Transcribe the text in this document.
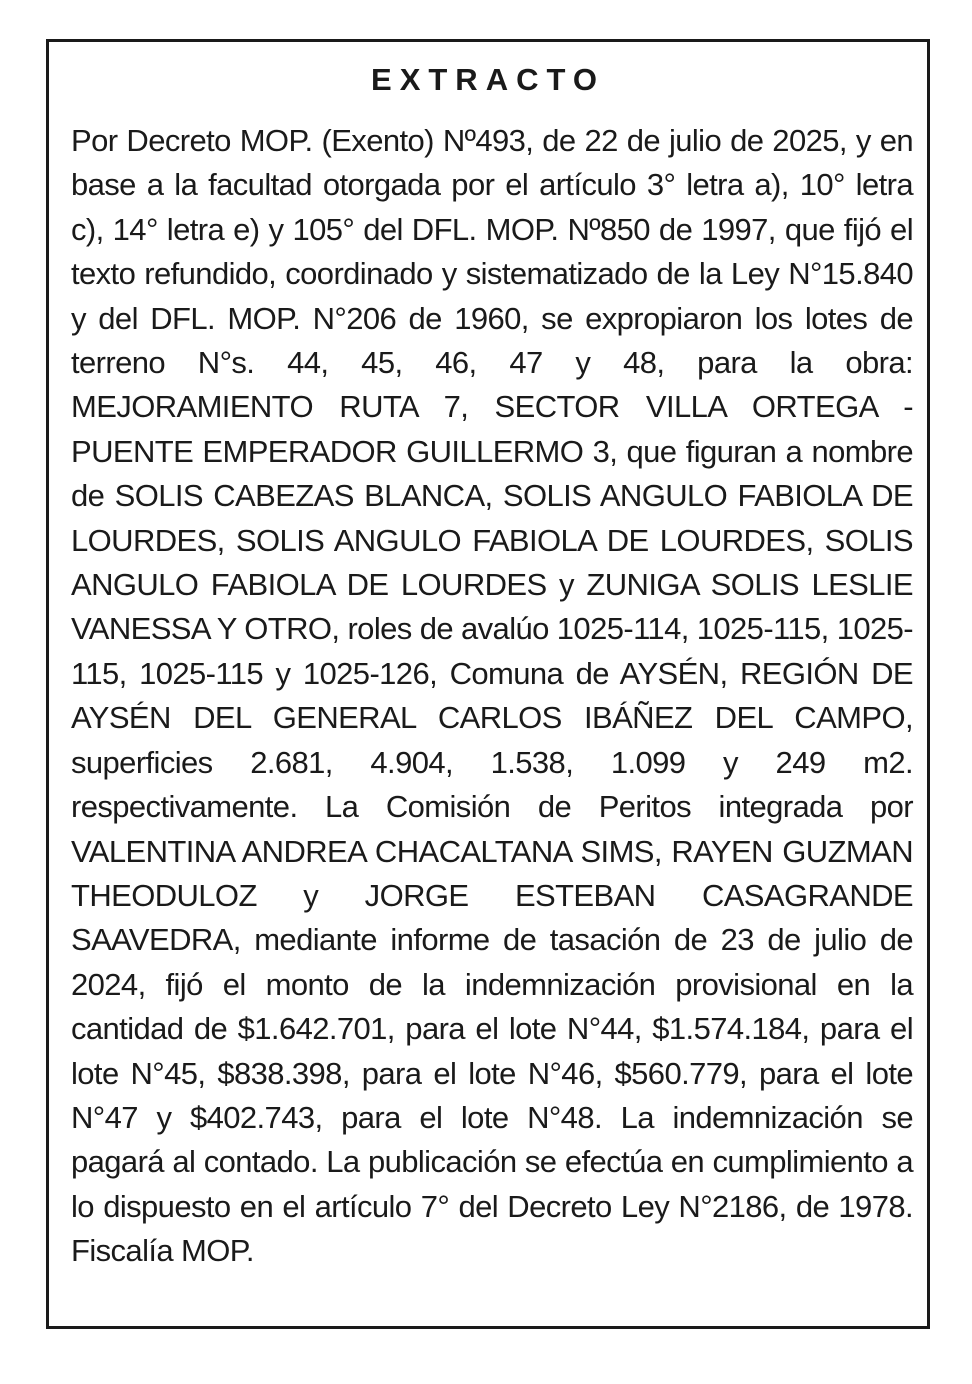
EXTRACTO
Por Decreto MOP. (Exento) Nº493, de 22 de julio de 2025, y en base a la facultad otorgada por el artículo 3° letra a), 10° letra c), 14° letra e) y 105° del DFL. MOP. Nº850 de 1997, que fijó el texto refundido, coordinado y sistematizado de la Ley N°15.840 y del DFL. MOP. N°206 de 1960, se expropiaron los lotes de terreno N°s. 44, 45, 46, 47 y 48, para la obra: MEJORAMIENTO RUTA 7, SECTOR VILLA ORTEGA - PUENTE EMPERADOR GUILLERMO 3, que figuran a nombre de SOLIS CABEZAS BLANCA, SOLIS ANGULO FABIOLA DE LOURDES, SOLIS ANGULO FABIOLA DE LOURDES, SOLIS ANGULO FABIOLA DE LOURDES y ZUNIGA SOLIS LESLIE VANESSA Y OTRO, roles de avalúo 1025-114, 1025-115, 1025-115, 1025-115 y 1025-126, Comuna de AYSÉN, REGIÓN DE AYSÉN DEL GENERAL CARLOS IBÁÑEZ DEL CAMPO, superficies 2.681, 4.904, 1.538, 1.099 y 249 m2. respectivamente. La Comisión de Peritos integrada por VALENTINA ANDREA CHACALTANA SIMS, RAYEN GUZMAN THEODULOZ y JORGE ESTEBAN CASAGRANDE SAAVEDRA, mediante informe de tasación de 23 de julio de 2024, fijó el monto de la indemnización provisional en la cantidad de $1.642.701, para el lote N°44, $1.574.184, para el lote N°45, $838.398, para el lote N°46, $560.779, para el lote N°47 y $402.743, para el lote N°48. La indemnización se pagará al contado. La publicación se efectúa en cumplimiento a lo dispuesto en el artículo 7° del Decreto Ley N°2186, de 1978. Fiscalía MOP.
